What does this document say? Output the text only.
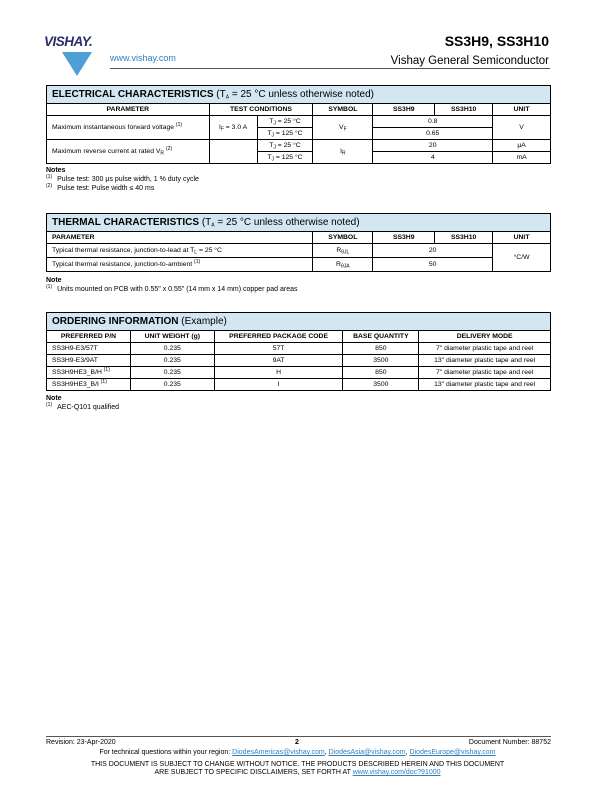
VISHAY.
www.vishay.com
SS3H9, SS3H10
Vishay General Semiconductor
ELECTRICAL CHARACTERISTICS ($T_A = 25$ °C unless otherwise noted)						
PARAMETER	TEST CONDITIONS		SYMBOL	SS3H9	SS3H10	UNIT
Maximum instantaneous forward voltage $^{(1)}$	$I_F = 3.0$ A	$T_J = 25$ °C	$V_F$	0.8		V
		$T_J = 125$ °C		0.65		
Maximum reverse current at rated $V_R$ $^{(2)}$		$T_J = 25$ °C	$I_R$	20		μA
		$T_J = 125$ °C		4		mA
Notes
$^{(1)}$ Pulse test: 300 μs pulse width, 1 % duty cycle
$^{(2)}$ Pulse test: Pulse width ≤ 40 ms
THERMAL CHARACTERISTICS ($T_A = 25$ °C unless otherwise noted)				
PARAMETER	SYMBOL	SS3H9	SS3H10	UNIT
Typical thermal resistance, junction-to-lead at $T_L = 25$ °C	$R_{\theta JL}$	20		°C/W
Typical thermal resistance, junction-to-ambient $^{(1)}$	$R_{\theta JA}$	50		
Note
$^{(1)}$ Units mounted on PCB with 0.55" x 0.55" (14 mm x 14 mm) copper pad areas
ORDERING INFORMATION (Example)				
PREFERRED P/N	UNIT WEIGHT (g)	PREFERRED PACKAGE CODE	BASE QUANTITY	DELIVERY MODE
SS3H9-E3/57T	0.235	57T	850	7" diameter plastic tape and reel
SS3H9-E3/9AT	0.235	9AT	3500	13" diameter plastic tape and reel
SS3H9HE3_B/H $^{(1)}$	0.235	H	850	7" diameter plastic tape and reel
SS3H9HE3_B/I $^{(1)}$	0.235	I	3500	13" diameter plastic tape and reel
Note
$^{(1)}$ AEC-Q101 qualified
Revision: 23-Apr-2020	2	Document Number: 88752
For technical questions within your region: DiodesAmericas@vishay.com, DiodesAsia@vishay.com, DiodesEurope@vishay.com
THIS DOCUMENT IS SUBJECT TO CHANGE WITHOUT NOTICE. THE PRODUCTS DESCRIBED HEREIN AND THIS DOCUMENT
ARE SUBJECT TO SPECIFIC DISCLAIMERS, SET FORTH AT www.vishay.com/doc?91000
